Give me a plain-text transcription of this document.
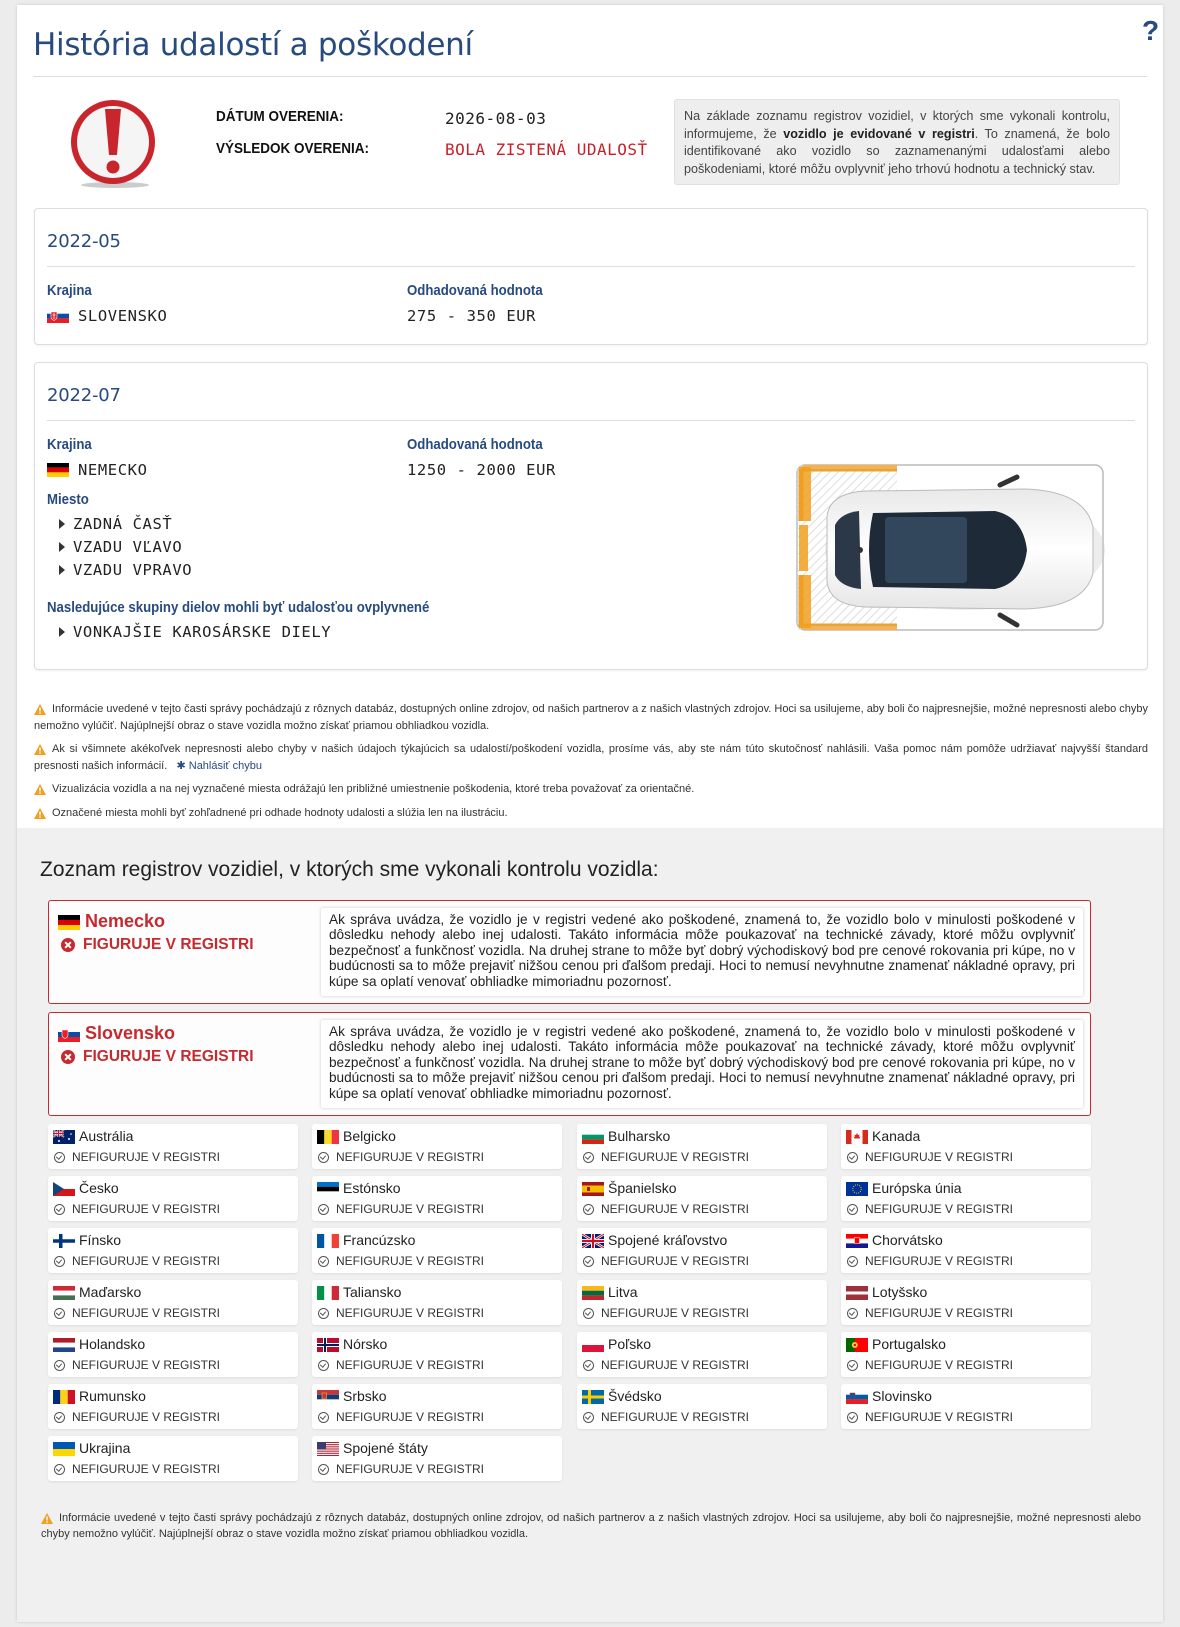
História udalostí a poškodení	?
DÁTUM OVERENIA:	2026-08-03
VÝSLEDOK OVERENIA:	BOLA ZISTENÁ UDALOSŤ
Na základe zoznamu registrov vozidiel, v ktorých sme vykonali kontrolu, informujeme, že vozidlo je evidované v registri. To znamená, že bolo identifikované ako vozidlo so zaznamenanými udalosťami alebo poškodeniami, ktoré môžu ovplyvniť jeho trhovú hodnotu a technický stav.
2022-05
Krajina
SLOVENSKO
Odhadovaná hodnota
275 - 350 EUR
2022-07
Krajina
NEMECKO
Odhadovaná hodnota
1250 - 2000 EUR
Miesto
ZADNÁ ČASŤ
VZADU VĽAVO
VZADU VPRAVO
Nasledujúce skupiny dielov mohli byť udalosťou ovplyvnené
VONKAJŠIE KAROSÁRSKE DIELY
Informácie uvedené v tejto časti správy pochádzajú z rôznych databáz, dostupných online zdrojov, od našich partnerov a z našich vlastných zdrojov. Hoci sa usilujeme, aby boli čo najpresnejšie, možné nepresnosti alebo chyby nemožno vylúčiť. Najúplnejší obraz o stave vozidla možno získať priamou obhliadkou vozidla.
Ak si všimnete akékoľvek nepresnosti alebo chyby v našich údajoch týkajúcich sa udalostí/poškodení vozidla, prosíme vás, aby ste nám túto skutočnosť nahlásili. Vaša pomoc nám pomôže udržiavať najvyšší štandard presnosti našich informácií. ✱ Nahlásiť chybu
Vizualizácia vozidla a na nej vyznačené miesta odrážajú len približné umiestnenie poškodenia, ktoré treba považovať za orientačné.
Označené miesta mohli byť zohľadnené pri odhade hodnoty udalosti a slúžia len na ilustráciu.
Zoznam registrov vozidiel, v ktorých sme vykonali kontrolu vozidla:
Nemecko
FIGURUJE V REGISTRI
Ak správa uvádza, že vozidlo je v registri vedené ako poškodené, znamená to, že vozidlo bolo v minulosti poškodené v dôsledku nehody alebo inej udalosti. Takáto informácia môže poukazovať na technické závady, ktoré môžu ovplyvniť bezpečnosť a funkčnosť vozidla. Na druhej strane to môže byť dobrý východiskový bod pre cenové rokovania pri kúpe, no v budúcnosti sa to môže prejaviť nižšou cenou pri ďalšom predaji. Hoci to nemusí nevyhnutne znamenať nákladné opravy, pri kúpe sa oplatí venovať obhliadke mimoriadnu pozornosť.
Slovensko
FIGURUJE V REGISTRI
Ak správa uvádza, že vozidlo je v registri vedené ako poškodené, znamená to, že vozidlo bolo v minulosti poškodené v dôsledku nehody alebo inej udalosti. Takáto informácia môže poukazovať na technické závady, ktoré môžu ovplyvniť bezpečnosť a funkčnosť vozidla. Na druhej strane to môže byť dobrý východiskový bod pre cenové rokovania pri kúpe, no v budúcnosti sa to môže prejaviť nižšou cenou pri ďalšom predaji. Hoci to nemusí nevyhnutne znamenať nákladné opravy, pri kúpe sa oplatí venovať obhliadke mimoriadnu pozornosť.
Austrália
NEFIGURUJE V REGISTRI
Belgicko
NEFIGURUJE V REGISTRI
Bulharsko
NEFIGURUJE V REGISTRI
Kanada
NEFIGURUJE V REGISTRI
Česko
NEFIGURUJE V REGISTRI
Estónsko
NEFIGURUJE V REGISTRI
Španielsko
NEFIGURUJE V REGISTRI
Európska únia
NEFIGURUJE V REGISTRI
Fínsko
NEFIGURUJE V REGISTRI
Francúzsko
NEFIGURUJE V REGISTRI
Spojené kráľovstvo
NEFIGURUJE V REGISTRI
Chorvátsko
NEFIGURUJE V REGISTRI
Maďarsko
NEFIGURUJE V REGISTRI
Taliansko
NEFIGURUJE V REGISTRI
Litva
NEFIGURUJE V REGISTRI
Lotyšsko
NEFIGURUJE V REGISTRI
Holandsko
NEFIGURUJE V REGISTRI
Nórsko
NEFIGURUJE V REGISTRI
Poľsko
NEFIGURUJE V REGISTRI
Portugalsko
NEFIGURUJE V REGISTRI
Rumunsko
NEFIGURUJE V REGISTRI
Srbsko
NEFIGURUJE V REGISTRI
Švédsko
NEFIGURUJE V REGISTRI
Slovinsko
NEFIGURUJE V REGISTRI
Ukrajina
NEFIGURUJE V REGISTRI
Spojené štáty
NEFIGURUJE V REGISTRI
Informácie uvedené v tejto časti správy pochádzajú z rôznych databáz, dostupných online zdrojov, od našich partnerov a z našich vlastných zdrojov. Hoci sa usilujeme, aby boli čo najpresnejšie, možné nepresnosti alebo chyby nemožno vylúčiť. Najúplnejší obraz o stave vozidla možno získať priamou obhliadkou vozidla.
